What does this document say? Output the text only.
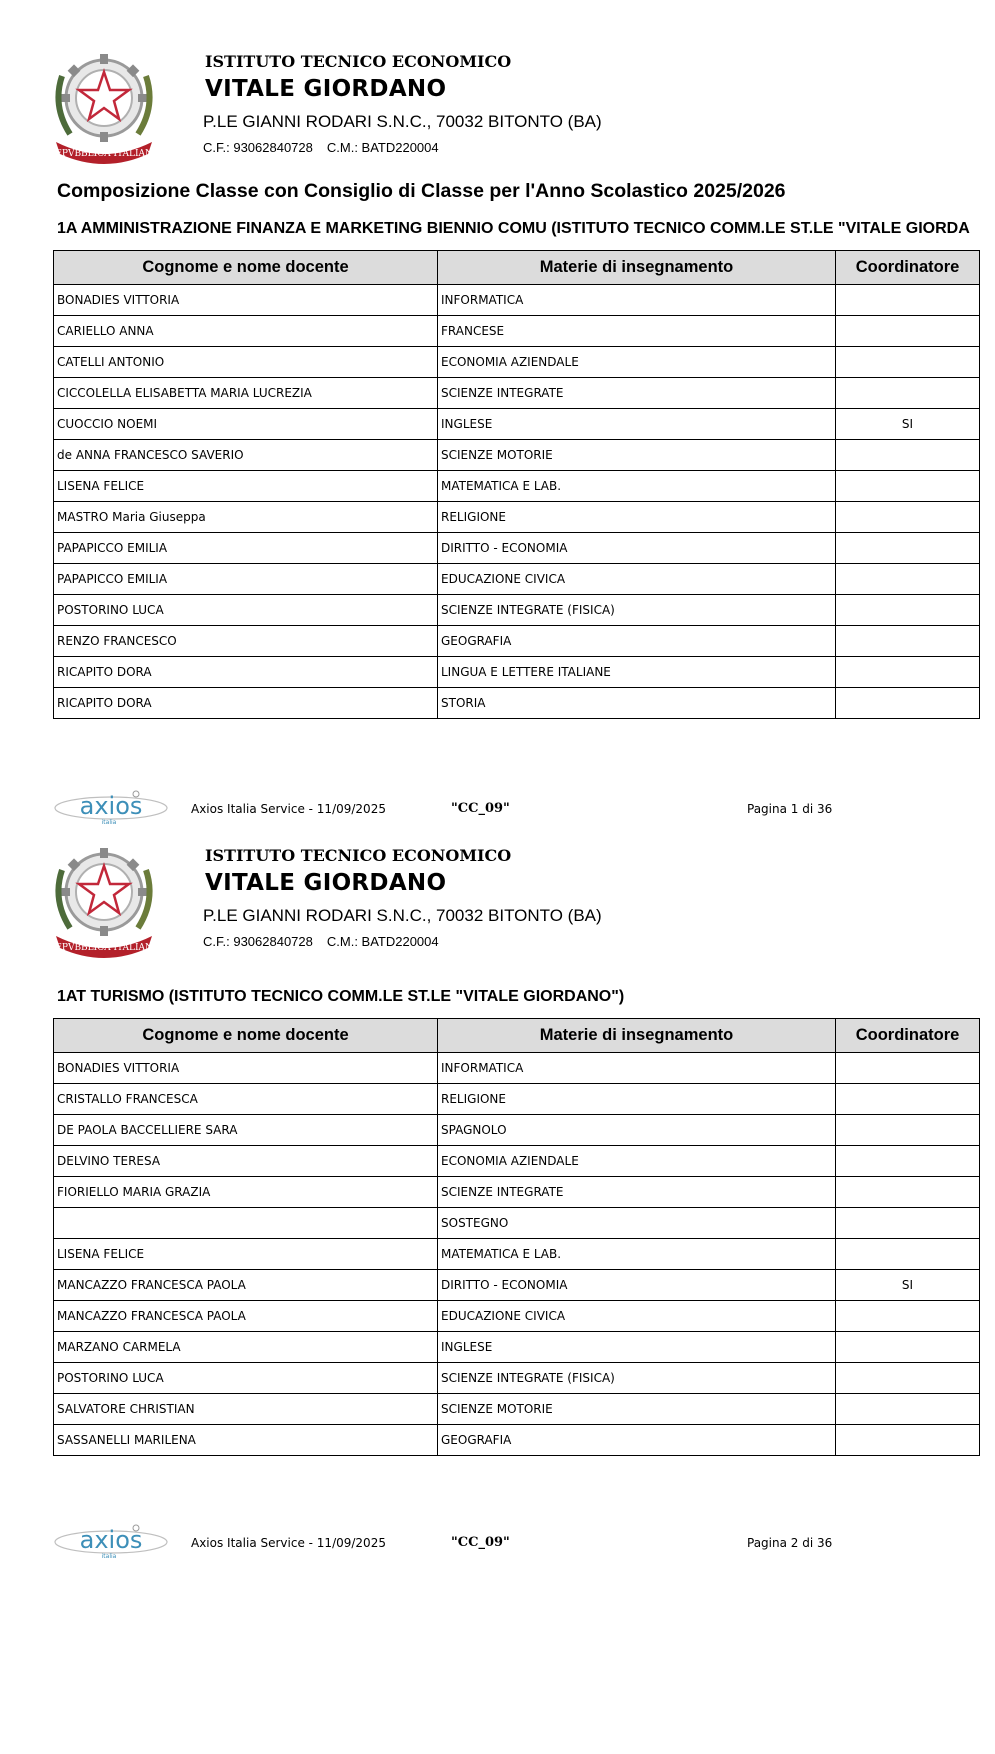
REPVBBLICA ITALIANA
ISTITUTO TECNICO ECONOMICO
VITALE GIORDANO
P.LE GIANNI RODARI S.N.C., 70032 BITONTO (BA)
C.F.: 93062840728 C.M.: BATD220004
Composizione Classe con Consiglio di Classe per l'Anno Scolastico 2025/2026
1A AMMINISTRAZIONE FINANZA E MARKETING BIENNIO COMU (ISTITUTO TECNICO COMM.LE ST.LE "VITALE GIORDA
Cognome e nome docente	Materie di insegnamento	Coordinatore
BONADIES VITTORIA	INFORMATICA	
CARIELLO ANNA	FRANCESE	
CATELLI ANTONIO	ECONOMIA AZIENDALE	
CICCOLELLA ELISABETTA MARIA LUCREZIA	SCIENZE INTEGRATE	
CUOCCIO NOEMI	INGLESE	SI
de ANNA FRANCESCO SAVERIO	SCIENZE MOTORIE	
LISENA FELICE	MATEMATICA E LAB.	
MASTRO Maria Giuseppa	RELIGIONE	
PAPAPICCO EMILIA	DIRITTO - ECONOMIA	
PAPAPICCO EMILIA	EDUCAZIONE CIVICA	
POSTORINO LUCA	SCIENZE INTEGRATE (FISICA)	
RENZO FRANCESCO	GEOGRAFIA	
RICAPITO DORA	LINGUA E LETTERE ITALIANE	
RICAPITO DORA	STORIA	
axios
italia
Axios Italia Service - 11/09/2025	"CC_09"	Pagina 1 di 36
REPVBBLICA ITALIANA
ISTITUTO TECNICO ECONOMICO
VITALE GIORDANO
P.LE GIANNI RODARI S.N.C., 70032 BITONTO (BA)
C.F.: 93062840728 C.M.: BATD220004
1AT TURISMO (ISTITUTO TECNICO COMM.LE ST.LE "VITALE GIORDANO")
Cognome e nome docente	Materie di insegnamento	Coordinatore
BONADIES VITTORIA	INFORMATICA	
CRISTALLO FRANCESCA	RELIGIONE	
DE PAOLA BACCELLIERE SARA	SPAGNOLO	
DELVINO TERESA	ECONOMIA AZIENDALE	
FIORIELLO MARIA GRAZIA	SCIENZE INTEGRATE	
	SOSTEGNO	
LISENA FELICE	MATEMATICA E LAB.	
MANCAZZO FRANCESCA PAOLA	DIRITTO - ECONOMIA	SI
MANCAZZO FRANCESCA PAOLA	EDUCAZIONE CIVICA	
MARZANO CARMELA	INGLESE	
POSTORINO LUCA	SCIENZE INTEGRATE (FISICA)	
SALVATORE CHRISTIAN	SCIENZE MOTORIE	
SASSANELLI MARILENA	GEOGRAFIA	
axios
italia
Axios Italia Service - 11/09/2025	"CC_09"	Pagina 2 di 36
